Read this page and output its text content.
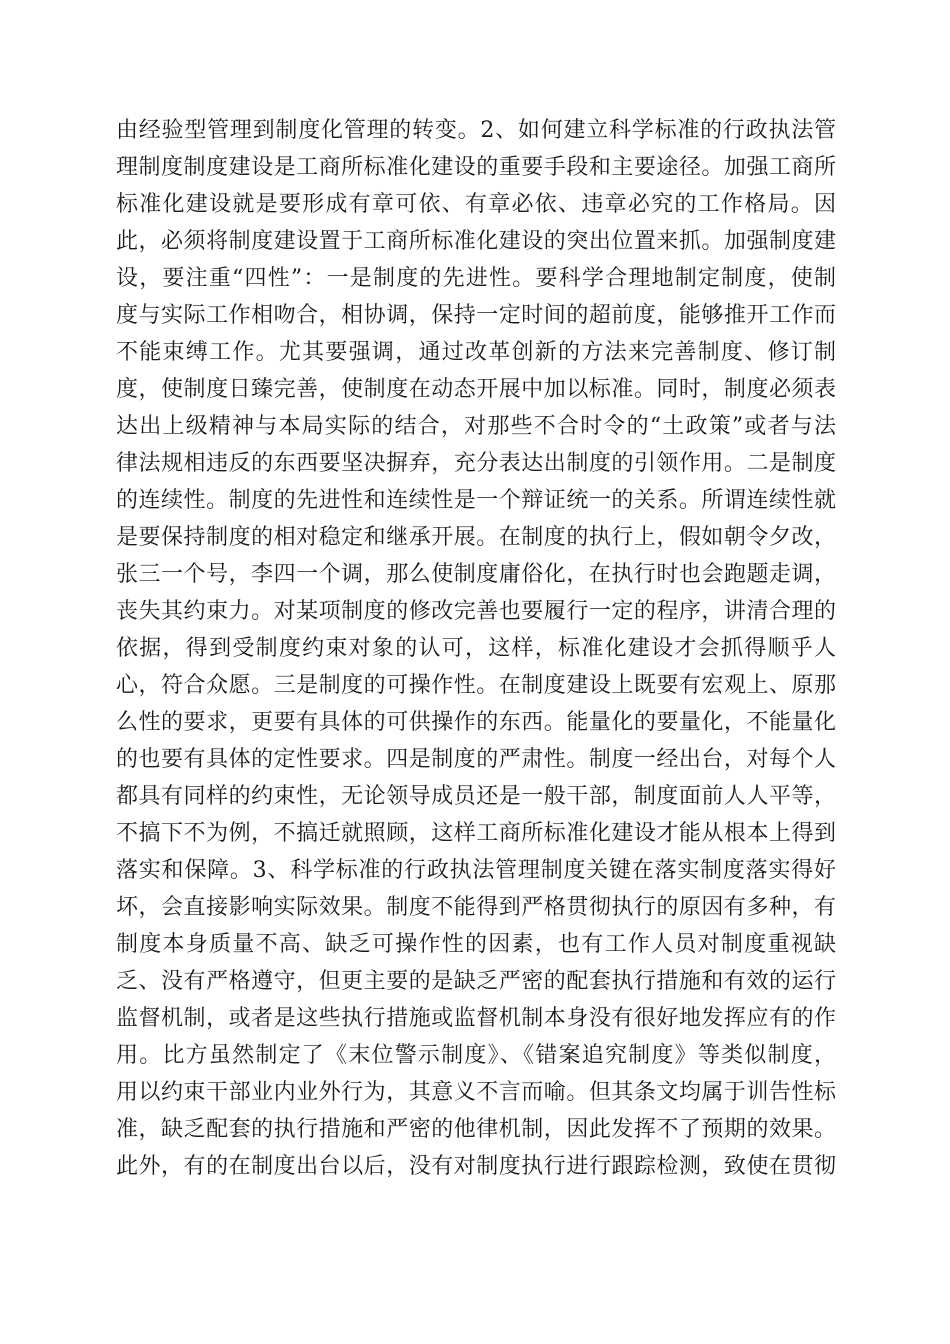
由经验型管理到制度化管理的转变。2、如何建立科学标准的行政执法管
理制度制度建设是工商所标准化建设的重要手段和主要途径。加强工商所
标准化建设就是要形成有章可依、有章必依、违章必究的工作格局。因
此，必须将制度建设置于工商所标准化建设的突出位置来抓。加强制度建
设，要注重“四性”：一是制度的先进性。要科学合理地制定制度，使制
度与实际工作相吻合，相协调，保持一定时间的超前度，能够推开工作而
不能束缚工作。尤其要强调，通过改革创新的方法来完善制度、修订制
度，使制度日臻完善，使制度在动态开展中加以标准。同时，制度必须表
达出上级精神与本局实际的结合，对那些不合时令的“土政策”或者与法
律法规相违反的东西要坚决摒弃，充分表达出制度的引领作用。二是制度
的连续性。制度的先进性和连续性是一个辩证统一的关系。所谓连续性就
是要保持制度的相对稳定和继承开展。在制度的执行上，假如朝令夕改，
张三一个号，李四一个调，那么使制度庸俗化，在执行时也会跑题走调，
丧失其约束力。对某项制度的修改完善也要履行一定的程序，讲清合理的
依据，得到受制度约束对象的认可，这样，标准化建设才会抓得顺乎人
心，符合众愿。三是制度的可操作性。在制度建设上既要有宏观上、原那
么性的要求，更要有具体的可供操作的东西。能量化的要量化，不能量化
的也要有具体的定性要求。四是制度的严肃性。制度一经出台，对每个人
都具有同样的约束性，无论领导成员还是一般干部，制度面前人人平等，
不搞下不为例，不搞迁就照顾，这样工商所标准化建设才能从根本上得到
落实和保障。3、科学标准的行政执法管理制度关键在落实制度落实得好
坏，会直接影响实际效果。制度不能得到严格贯彻执行的原因有多种，有
制度本身质量不高、缺乏可操作性的因素，也有工作人员对制度重视缺
乏、没有严格遵守，但更主要的是缺乏严密的配套执行措施和有效的运行
监督机制，或者是这些执行措施或监督机制本身没有很好地发挥应有的作
用。比方虽然制定了《末位警示制度》、《错案追究制度》等类似制度，
用以约束干部业内业外行为，其意义不言而喻。但其条文均属于训告性标
准，缺乏配套的执行措施和严密的他律机制，因此发挥不了预期的效果。
此外，有的在制度出台以后，没有对制度执行进行跟踪检测，致使在贯彻
